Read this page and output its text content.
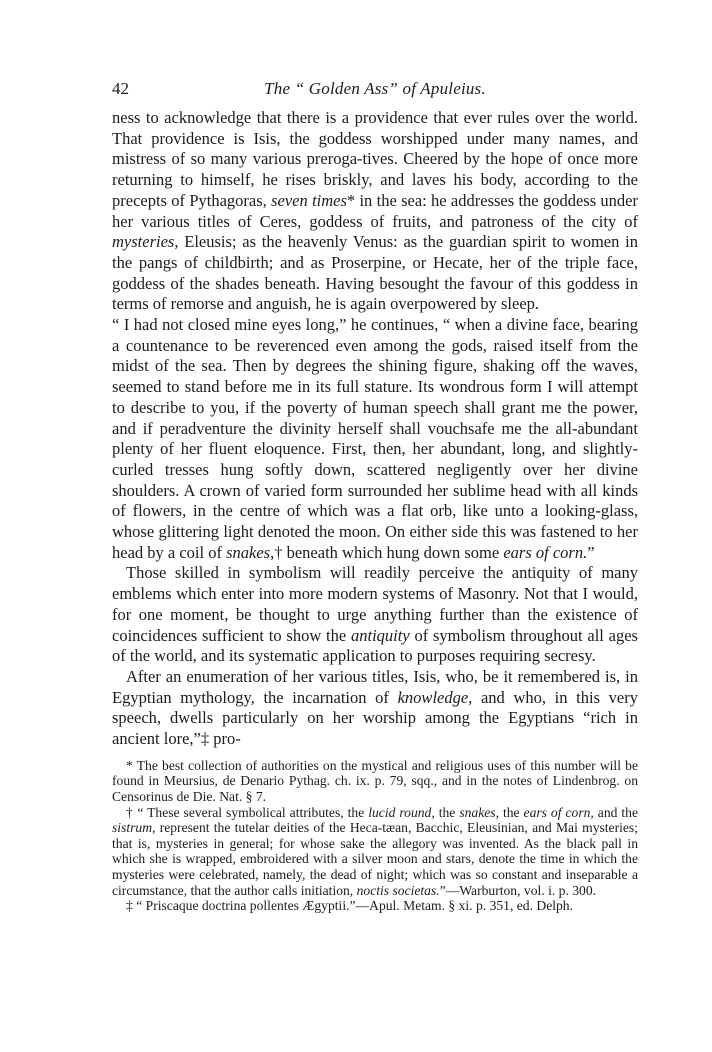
42	The “ Golden Ass” of Apuleius.

ness to acknowledge that there is a providence that ever rules over the world. That providence is Isis, the goddess worshipped under many names, and mistress of so many various preroga-tives. Cheered by the hope of once more returning to himself, he rises briskly, and laves his body, according to the precepts of Pythagoras, seven times* in the sea: he addresses the goddess under her various titles of Ceres, goddess of fruits, and patroness of the city of mysteries, Eleusis; as the heavenly Venus: as the guardian spirit to women in the pangs of childbirth; and as Proserpine, or Hecate, her of the triple face, goddess of the shades beneath. Having besought the favour of this goddess in terms of remorse and anguish, he is again overpowered by sleep.

“ I had not closed mine eyes long,” he continues, “ when a divine face, bearing a countenance to be reverenced even among the gods, raised itself from the midst of the sea. Then by degrees the shining figure, shaking off the waves, seemed to stand before me in its full stature. Its wondrous form I will attempt to describe to you, if the poverty of human speech shall grant me the power, and if peradventure the divinity herself shall vouchsafe me the all-abundant plenty of her fluent eloquence. First, then, her abundant, long, and slightly-curled tresses hung softly down, scattered negligently over her divine shoulders. A crown of varied form surrounded her sublime head with all kinds of flowers, in the centre of which was a flat orb, like unto a looking-glass, whose glittering light denoted the moon. On either side this was fastened to her head by a coil of snakes,† beneath which hung down some ears of corn.”

Those skilled in symbolism will readily perceive the antiquity of many emblems which enter into more modern systems of Masonry. Not that I would, for one moment, be thought to urge anything further than the existence of coincidences sufficient to show the antiquity of symbolism throughout all ages of the world, and its systematic application to purposes requiring secresy.

After an enumeration of her various titles, Isis, who, be it remembered is, in Egyptian mythology, the incarnation of knowledge, and who, in this very speech, dwells particularly on her worship among the Egyptians “rich in ancient lore,”‡ pro-

* The best collection of authorities on the mystical and religious uses of this number will be found in Meursius, de Denario Pythag. ch. ix. p. 79, sqq., and in the notes of Lindenbrog. on Censorinus de Die. Nat. § 7.

† “ These several symbolical attributes, the lucid round, the snakes, the ears of corn, and the sistrum, represent the tutelar deities of the Heca-tæan, Bacchic, Eleusinian, and Mai mysteries; that is, mysteries in general; for whose sake the allegory was invented. As the black pall in which she is wrapped, embroidered with a silver moon and stars, denote the time in which the mysteries were celebrated, namely, the dead of night; which was so constant and inseparable a circumstance, that the author calls initiation, noctis societas.”—Warburton, vol. i. p. 300.

‡ “ Priscaque doctrina pollentes Ægyptii.”—Apul. Metam. § xi. p. 351, ed. Delph.
